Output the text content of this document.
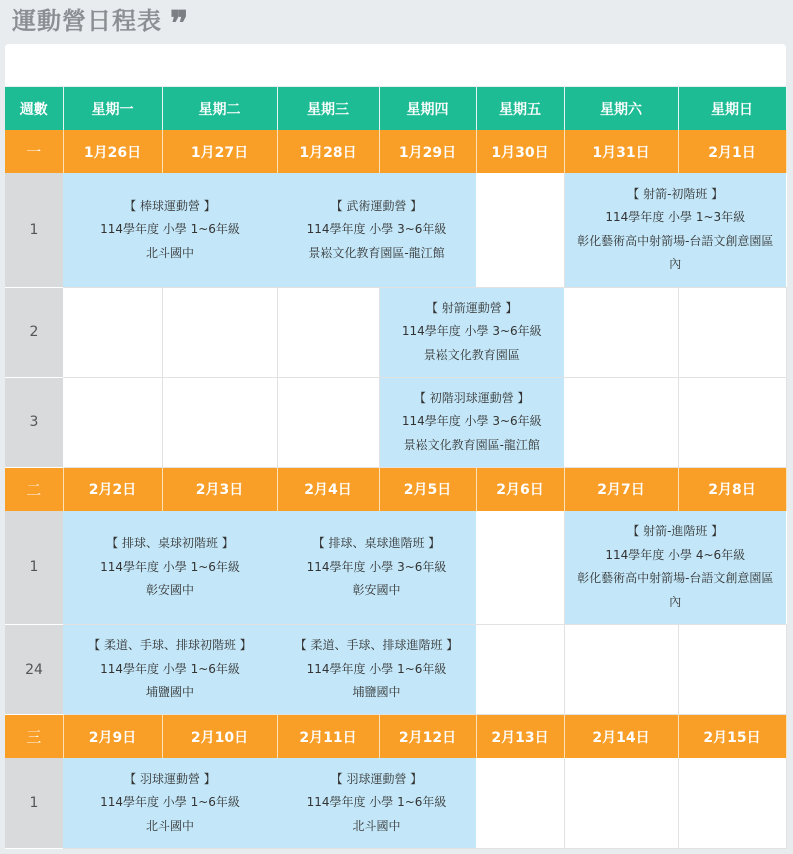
運動營日程表 ❞
週數	星期一	星期二	星期三	星期四	星期五	星期六	星期日
一	1月26日	1月27日	1月28日	1月29日	1月30日	1月31日	2月1日
1	【 棒球運動營 】
114學年度 小學 1~6年級
北斗國中		【 武術運動營 】
114學年度 小學 3~6年級
景崧文化教育園區-龍江館			【 射箭-初階班 】
114學年度 小學 1~3年級
彰化藝術高中射箭場-台語文創意園區內	

2				【 射箭運動營 】
114學年度 小學 3~6年級
景崧文化教育園區			

3				【 初階羽球運動營 】
114學年度 小學 3~6年級
景崧文化教育園區-龍江館			

二	2月2日	2月3日	2月4日	2月5日	2月6日	2月7日	2月8日
1	【 排球、桌球初階班 】
114學年度 小學 1~6年級
彰安國中		【 排球、桌球進階班 】
114學年度 小學 3~6年級
彰安國中			【 射箭-進階班 】
114學年度 小學 4~6年級
彰化藝術高中射箭場-台語文創意園區內	

24	【 柔道、手球、排球初階班 】
114學年度 小學 1~6年級
埔鹽國中		【 柔道、手球、排球進階班 】
114學年度 小學 1~6年級
埔鹽國中				

三	2月9日	2月10日	2月11日	2月12日	2月13日	2月14日	2月15日
1	【 羽球運動營 】
114學年度 小學 1~6年級
北斗國中		【 羽球運動營 】
114學年度 小學 1~6年級
北斗國中				
